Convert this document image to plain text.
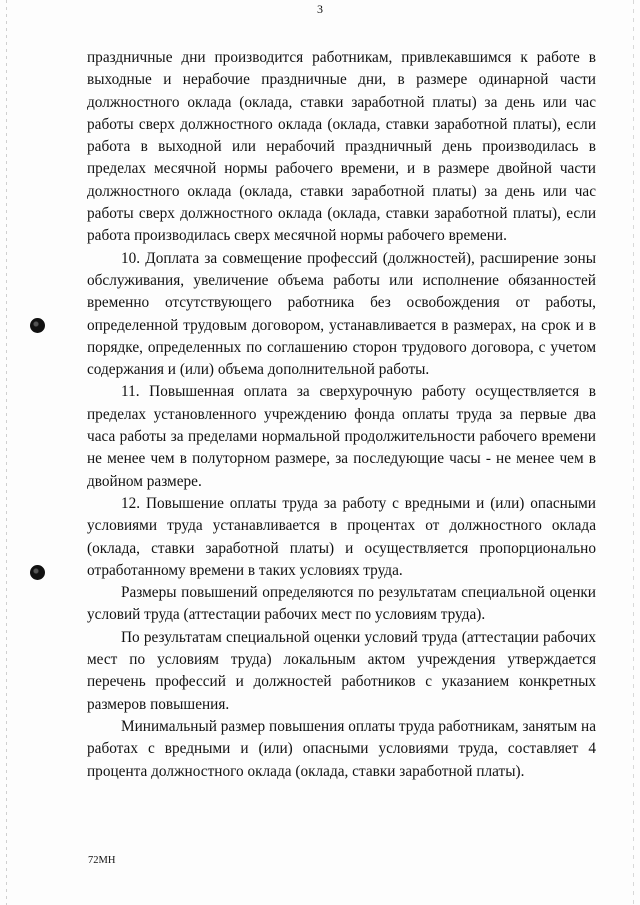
3

праздничные дни производится работникам, привлекавшимся к работе в выходные и нерабочие праздничные дни, в размере одинарной части должностного оклада (оклада, ставки заработной платы) за день или час работы сверх должностного оклада (оклада, ставки заработной платы), если работа в выходной или нерабочий праздничный день производилась в пределах месячной нормы рабочего времени, и в размере двойной части должностного оклада (оклада, ставки заработной платы) за день или час работы сверх должностного оклада (оклада, ставки заработной платы), если работа производилась сверх месячной нормы рабочего времени.

10. Доплата за совмещение профессий (должностей), расширение зоны обслуживания, увеличение объема работы или исполнение обязанностей временно отсутствующего работника без освобождения от работы, определенной трудовым договором, устанавливается в размерах, на срок и в порядке, определенных по соглашению сторон трудового договора, с учетом содержания и (или) объема дополнительной работы.

11. Повышенная оплата за сверхурочную работу осуществляется в пределах установленного учреждению фонда оплаты труда за первые два часа работы за пределами нормальной продолжительности рабочего времени не менее чем в полуторном размере, за последующие часы - не менее чем в двойном размере.

12. Повышение оплаты труда за работу с вредными и (или) опасными условиями труда устанавливается в процентах от должностного оклада (оклада, ставки заработной платы) и осуществляется пропорционально отработанному времени в таких условиях труда.

Размеры повышений определяются по результатам специальной оценки условий труда (аттестации рабочих мест по условиям труда).

По результатам специальной оценки условий труда (аттестации рабочих мест по условиям труда) локальным актом учреждения утверждается перечень профессий и должностей работников с указанием конкретных размеров повышения.

Минимальный размер повышения оплаты труда работникам, занятым на работах с вредными и (или) опасными условиями труда, составляет 4 процента должностного оклада (оклада, ставки заработной платы).

72МН
